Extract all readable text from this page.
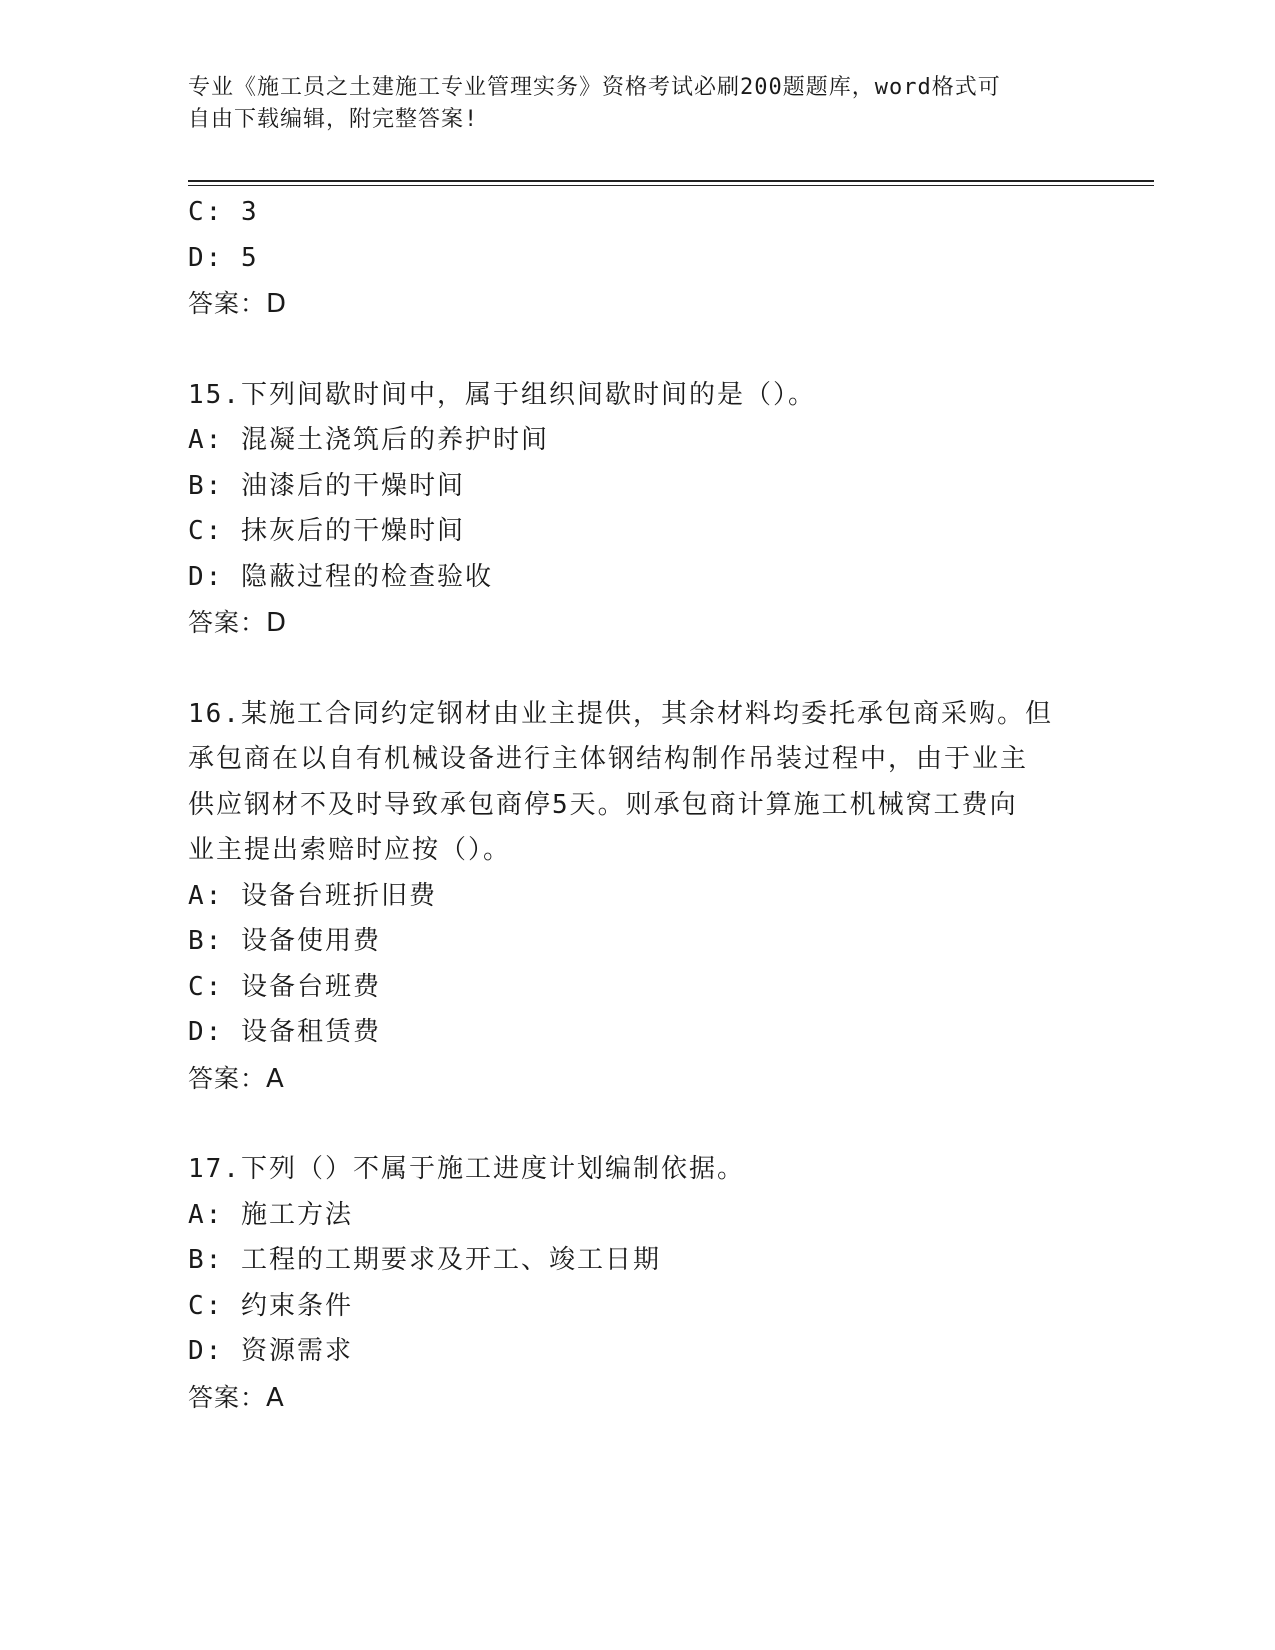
专业《施工员之土建施工专业管理实务》资格考试必刷200题题库，word格式可
自由下载编辑，附完整答案!
C: 3
D: 5
答案：D
15.下列间歇时间中，属于组织间歇时间的是（）。
A: 混凝土浇筑后的养护时间
B: 油漆后的干燥时间
C: 抹灰后的干燥时间
D: 隐蔽过程的检查验收
答案：D
16.某施工合同约定钢材由业主提供，其余材料均委托承包商采购。但
承包商在以自有机械设备进行主体钢结构制作吊装过程中，由于业主
供应钢材不及时导致承包商停5天。则承包商计算施工机械窝工费向
业主提出索赔时应按（）。
A: 设备台班折旧费
B: 设备使用费
C: 设备台班费
D: 设备租赁费
答案：A
17.下列（）不属于施工进度计划编制依据。
A: 施工方法
B: 工程的工期要求及开工、竣工日期
C: 约束条件
D: 资源需求
答案：A
